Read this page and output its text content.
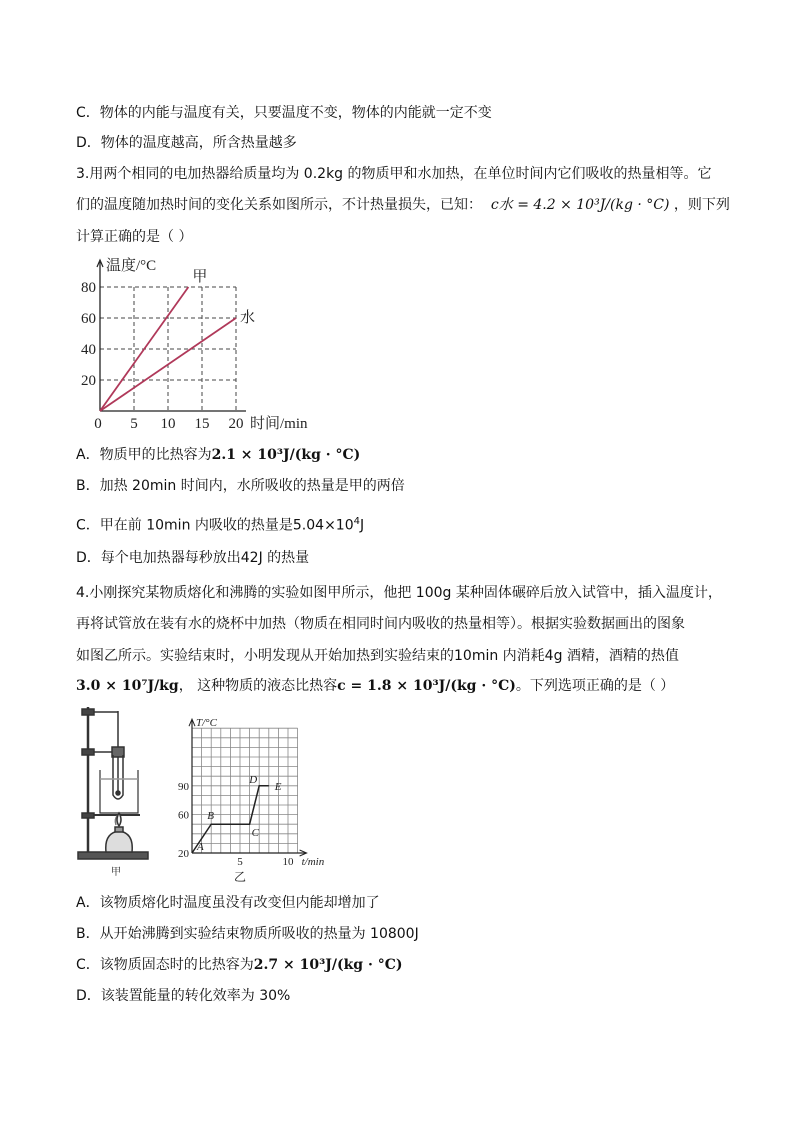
C．物体的内能与温度有关，只要温度不变，物体的内能就一定不变
D．物体的温度越高，所含热量越多
3.用两个相同的电加热器给质量均为 0.2kg 的物质甲和水加热，在单位时间内它们吸收的热量相等。它
们的温度随加热时间的变化关系如图所示，不计热量损失，已知： c水 = 4.2 × 10³J/(kg · °C) ，则下列
计算正确的是（ ）
5 10 15 20
20
40
60
80
0
温度/°C
时间/min
甲
水
A．物质甲的比热容为2.1 × 10³J/(kg · °C)
B．加热 20min 时间内，水所吸收的热量是甲的两倍
C．甲在前 10min 内吸收的热量是$5.04\times 10^4J$
D．每个电加热器每秒放出42J 的热量
4.小刚探究某物质熔化和沸腾的实验如图甲所示，他把 100g 某种固体碾碎后放入试管中，插入温度计，
再将试管放在装有水的烧杯中加热（物质在相同时间内吸收的热量相等）。根据实验数据画出的图象
如图乙所示。实验结束时，小明发现从开始加热到实验结束的10min 内消耗4g 酒精，酒精的热值
3.0 × 10⁷J/kg， 这种物质的液态比热容c = 1.8 × 10³J/(kg · °C)。下列选项正确的是（ ）
甲
5	10
20
60
90
T/°C
t/min
A
B
C
D
E
乙
A．该物质熔化时温度虽没有改变但内能却增加了
B．从开始沸腾到实验结束物质所吸收的热量为 10800J
C．该物质固态时的比热容为2.7 × 10³J/(kg · °C)
D．该装置能量的转化效率为 30%
